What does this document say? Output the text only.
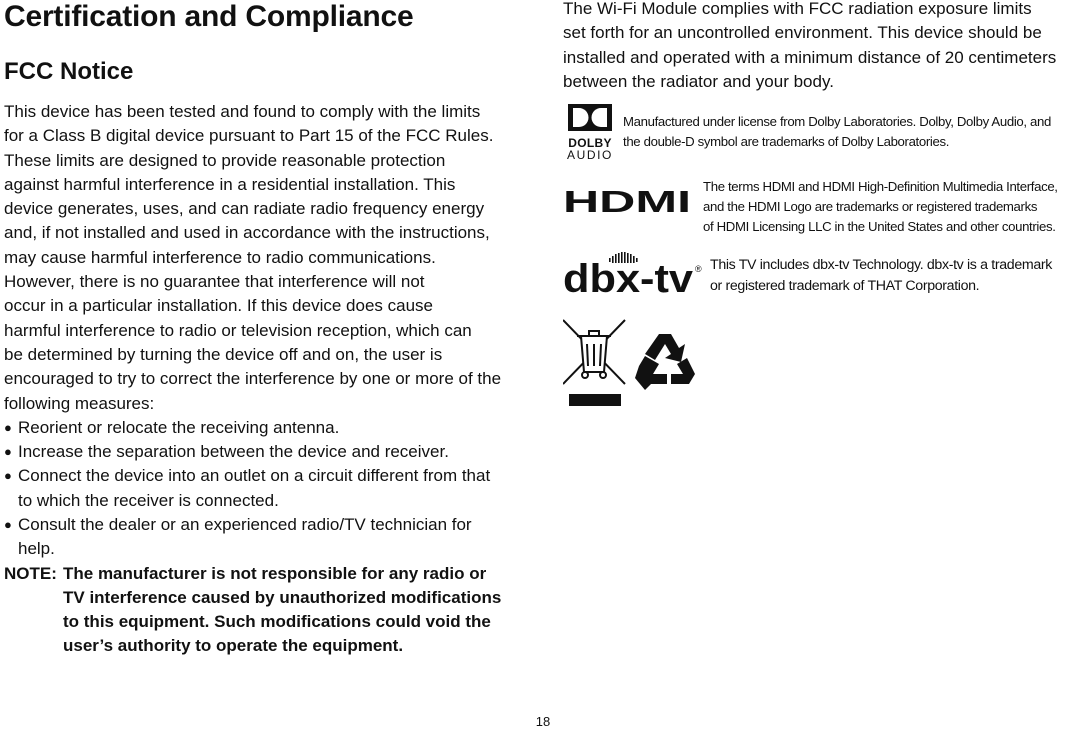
Certification and Compliance
FCC Notice
This device has been tested and found to comply with the limits
for a Class B digital device pursuant to Part 15 of the FCC Rules.
These limits are designed to provide reasonable protection
against harmful interference in a residential installation. This
device generates, uses, and can radiate radio frequency energy
and, if not installed and used in accordance with the instructions,
may cause harmful interference to radio communications.
However, there is no guarantee that interference will not
occur in a particular installation. If this device does cause
harmful interference to radio or television reception, which can
be determined by turning the device off and on, the user is
encouraged to try to correct the interference by one or more of the
following measures:
● Reorient or relocate the receiving antenna.
● Increase the separation between the device and receiver.
● Connect the device into an outlet on a circuit different from that
to which the receiver is connected.
● Consult the dealer or an experienced radio/TV technician for
help.
NOTE: The manufacturer is not responsible for any radio or
TV interference caused by unauthorized modifications
to this equipment. Such modifications could void the
user’s authority to operate the equipment.
The Wi-Fi Module complies with FCC radiation exposure limits
set forth for an uncontrolled environment. This device should be
installed and operated with a minimum distance of 20 centimeters
between the radiator and your body.
DOLBY
AUDIO
Manufactured under license from Dolby Laboratories. Dolby, Dolby Audio, and
the double-D symbol are trademarks of Dolby Laboratories.
HDMI The terms HDMI and HDMI High-Definition Multimedia Interface,
and the HDMI Logo are trademarks or registered trademarks
of HDMI Licensing LLC in the United States and other countries.
dbx-tv ® This TV includes dbx-tv Technology. dbx-tv is a trademark
or registered trademark of THAT Corporation.
18
